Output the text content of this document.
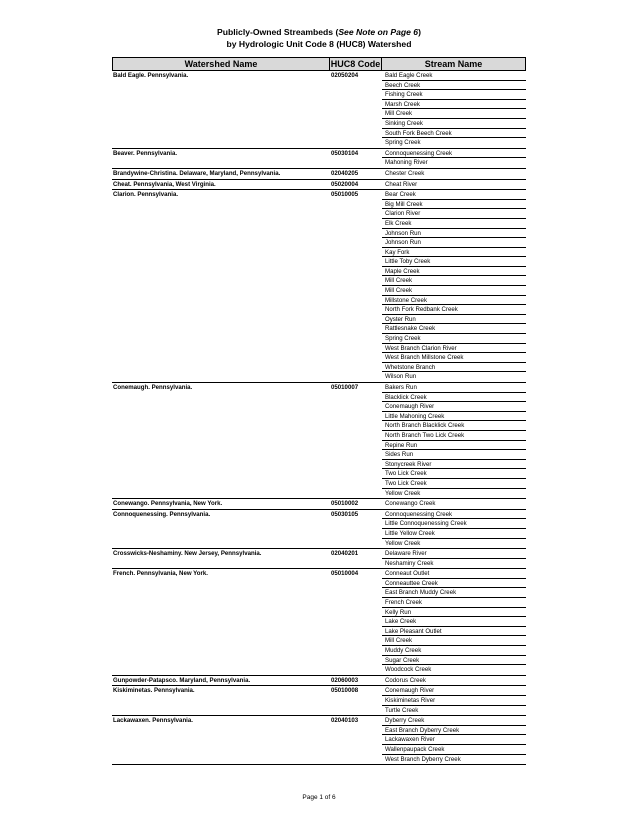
Publicly-Owned Streambeds (See Note on Page 6)
by Hydrologic Unit Code 8 (HUC8) Watershed
Watershed Name	HUC8 Code	Stream Name
Bald Eagle. Pennsylvania.	02050204	Bald Eagle Creek
Beech Creek
Fishing Creek
Marsh Creek
Mill Creek
Sinking Creek
South Fork Beech Creek
Spring Creek
Beaver. Pennsylvania.	05030104	Connoquenessing Creek
Mahoning River
Brandywine-Christina. Delaware, Maryland, Pennsylvania.	02040205	Chester Creek
Cheat. Pennsylvania, West Virginia.	05020004	Cheat River
Clarion. Pennsylvania.	05010005	Bear Creek
Big Mill Creek
Clarion River
Elk Creek
Johnson Run
Johnson Run
Kay Fork
Little Toby Creek
Maple Creek
Mill Creek
Mill Creek
Millstone Creek
North Fork Redbank Creek
Oyster Run
Rattlesnake Creek
Spring Creek
West Branch Clarion River
West Branch Millstone Creek
Whetstone Branch
Wilson Run
Conemaugh. Pennsylvania.	05010007	Bakers Run
Blacklick Creek
Conemaugh River
Little Mahoning Creek
North Branch Blacklick Creek
North Branch Two Lick Creek
Repine Run
Sides Run
Stonycreek River
Two Lick Creek
Two Lick Creek
Yellow Creek
Conewango. Pennsylvania, New York.	05010002	Conewango Creek
Connoquenessing. Pennsylvania.	05030105	Connoquenessing Creek
Little Connoquenessing Creek
Little Yellow Creek
Yellow Creek
Crosswicks-Neshaminy. New Jersey, Pennsylvania.	02040201	Delaware River
Neshaminy Creek
French. Pennsylvania, New York.	05010004	Conneaut Outlet
Conneauttee Creek
East Branch Muddy Creek
French Creek
Kelly Run
Lake Creek
Lake Pleasant Outlet
Mill Creek
Muddy Creek
Sugar Creek
Woodcock Creek
Gunpowder-Patapsco. Maryland, Pennsylvania.	02060003	Codorus Creek
Kiskiminetas. Pennsylvania.	05010008	Conemaugh River
Kiskiminetas River
Turtle Creek
Lackawaxen. Pennsylvania.	02040103	Dyberry Creek
East Branch Dyberry Creek
Lackawaxen River
Wallenpaupack Creek
West Branch Dyberry Creek
Page 1 of 6
